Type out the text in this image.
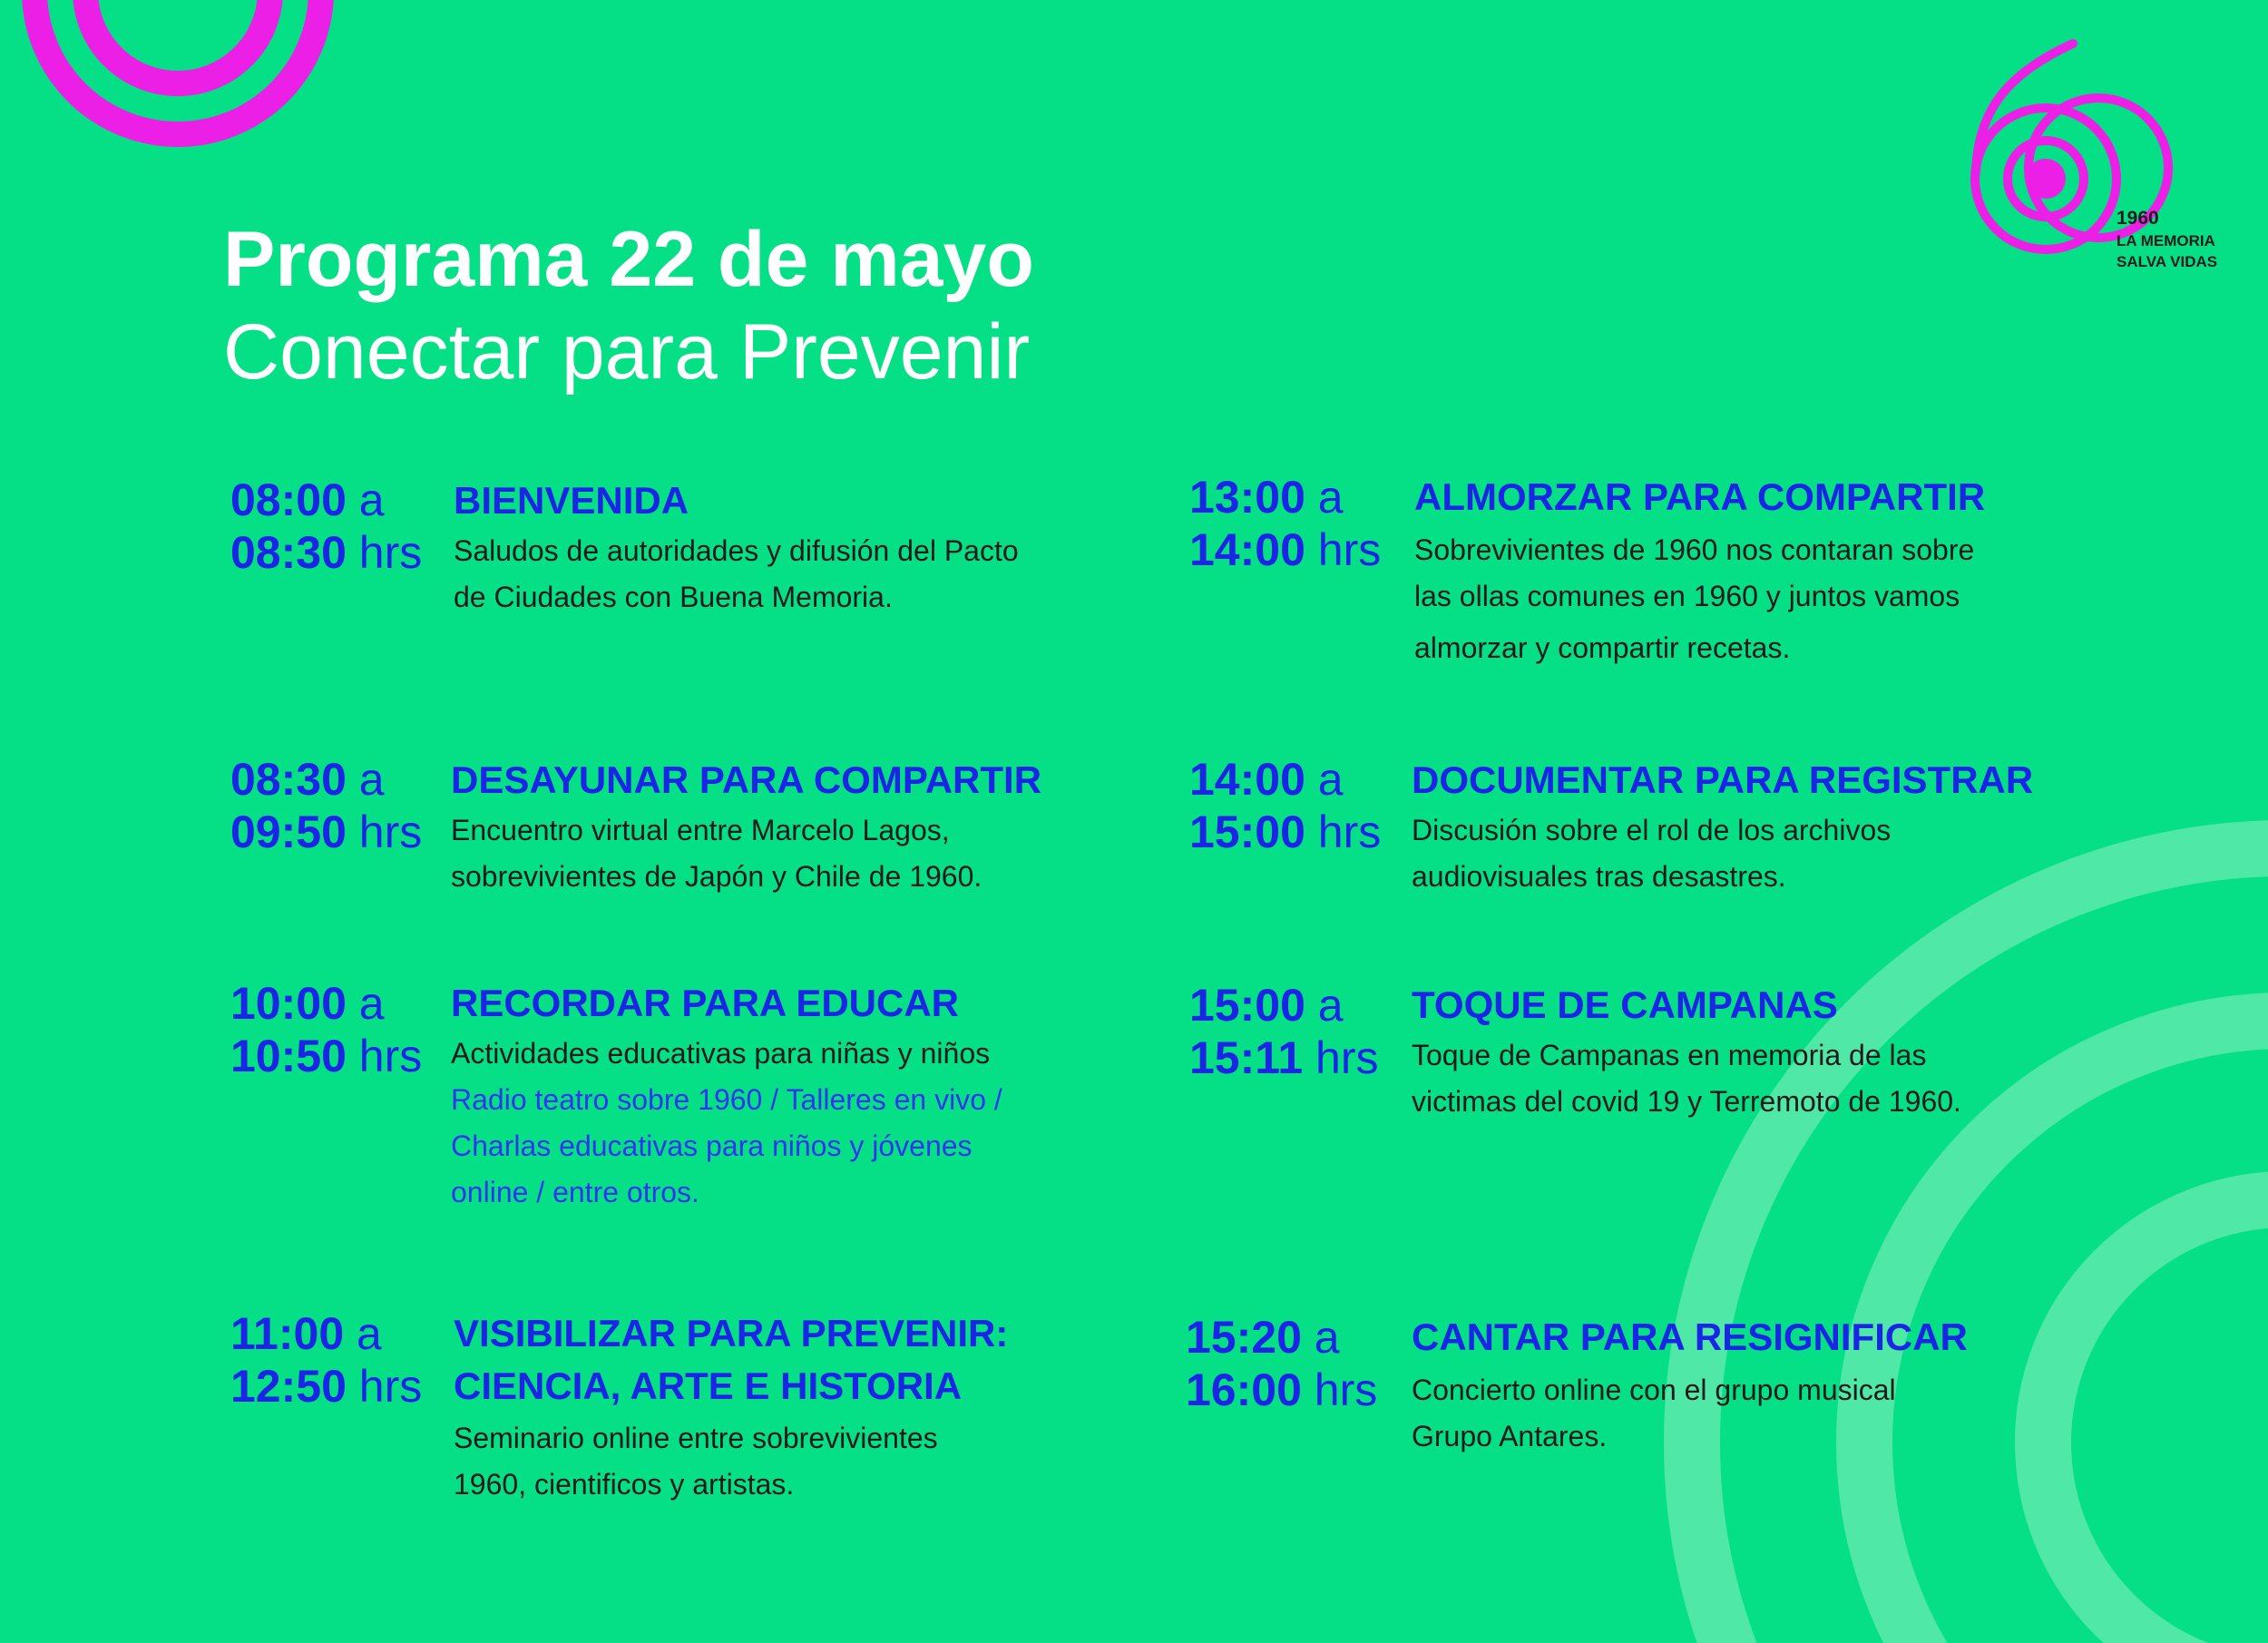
1960
LA MEMORIA
SALVA VIDAS
Programa 22 de mayo
Conectar para Prevenir
08:00 a
08:30 hrs
BIENVENIDA
Saludos de autoridades y difusión del Pacto
de Ciudades con Buena Memoria.
08:30 a
09:50 hrs
DESAYUNAR PARA COMPARTIR
Encuentro virtual entre Marcelo Lagos,
sobrevivientes de Japón y Chile de 1960.
10:00 a
10:50 hrs
RECORDAR PARA EDUCAR
Actividades educativas para niñas y niños
Radio teatro sobre 1960 / Talleres en vivo /
Charlas educativas para niños y jóvenes
online / entre otros.
11:00 a
12:50 hrs
VISIBILIZAR PARA PREVENIR:
CIENCIA, ARTE E HISTORIA
Seminario online entre sobrevivientes
1960, cientificos y artistas.
13:00 a
14:00 hrs
ALMORZAR PARA COMPARTIR
Sobrevivientes de 1960 nos contaran sobre
las ollas comunes en 1960 y juntos vamos
almorzar y compartir recetas.
14:00 a
15:00 hrs
DOCUMENTAR PARA REGISTRAR
Discusión sobre el rol de los archivos
audiovisuales tras desastres.
15:00 a
15:11 hrs
TOQUE DE CAMPANAS
Toque de Campanas en memoria de las
victimas del covid 19 y Terremoto de 1960.
15:20 a
16:00 hrs
CANTAR PARA RESIGNIFICAR
Concierto online con el grupo musical
Grupo Antares.
